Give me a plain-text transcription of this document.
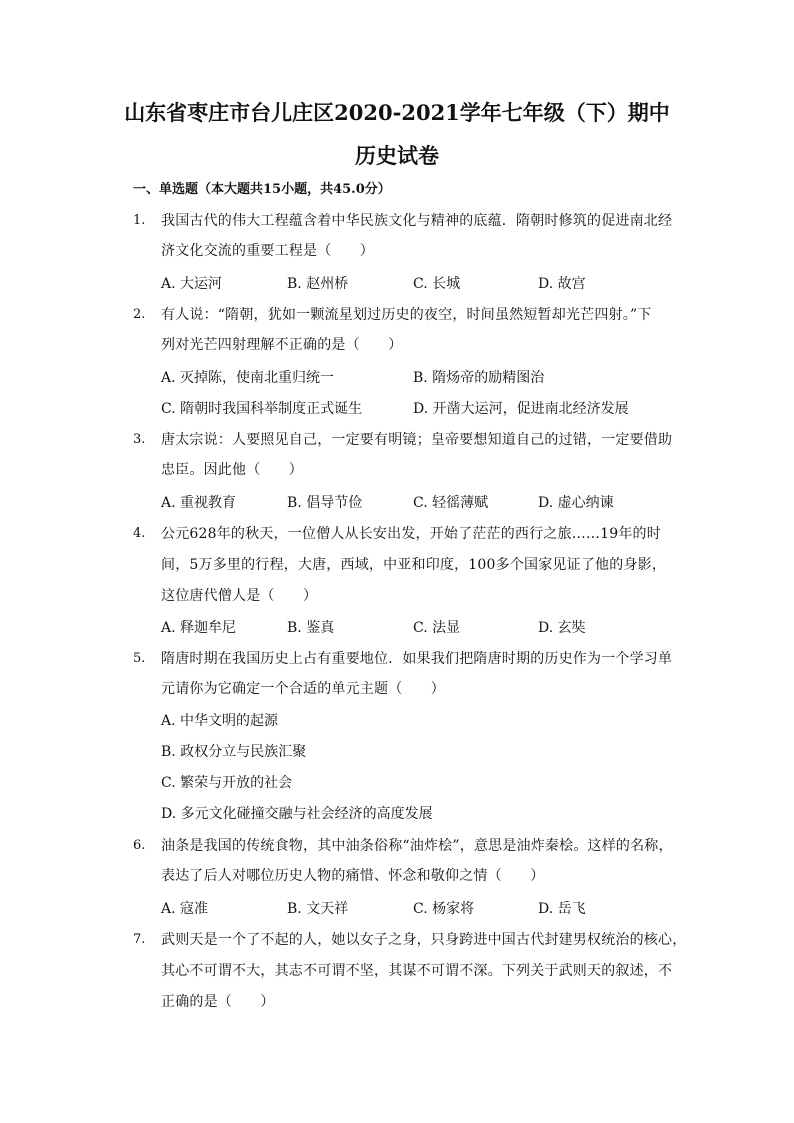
山东省枣庄市台儿庄区2020-2021学年七年级（下）期中
历史试卷
一、单选题（本大题共15小题，共45.0分）
1. 我国古代的伟大工程蕴含着中华民族文化与精神的底蕴．隋朝时修筑的促进南北经
济文化交流的重要工程是（　　）
A. 大运河	B. 赵州桥	C. 长城	D. 故宫
2. 有人说：“隋朝，犹如一颗流星划过历史的夜空，时间虽然短暂却光芒四射。”下
列对光芒四射理解不正确的是（　　）
A. 灭掉陈，使南北重归统一	B. 隋炀帝的励精图治
C. 隋朝时我国科举制度正式诞生	D. 开凿大运河，促进南北经济发展
3. 唐太宗说：人要照见自己，一定要有明镜；皇帝要想知道自己的过错，一定要借助
忠臣。因此他（　　）
A. 重视教育	B. 倡导节俭	C. 轻徭薄赋	D. 虚心纳谏
4. 公元628年的秋天，一位僧人从长安出发，开始了茫茫的西行之旅……19年的时
间，5万多里的行程，大唐，西域，中亚和印度，100多个国家见证了他的身影，
这位唐代僧人是（　　）
A. 释迦牟尼	B. 鉴真	C. 法显	D. 玄奘
5. 隋唐时期在我国历史上占有重要地位．如果我们把隋唐时期的历史作为一个学习单
元请你为它确定一个合适的单元主题（　　）
A. 中华文明的起源
B. 政权分立与民族汇聚
C. 繁荣与开放的社会
D. 多元文化碰撞交融与社会经济的高度发展
6. 油条是我国的传统食物，其中油条俗称“油炸桧”，意思是油炸秦桧。这样的名称，
表达了后人对哪位历史人物的痛惜、怀念和敬仰之情（　　）
A. 寇准	B. 文天祥	C. 杨家将	D. 岳飞
7. 武则天是一个了不起的人，她以女子之身，只身跨进中国古代封建男权统治的核心，
其心不可谓不大，其志不可谓不坚，其谋不可谓不深。下列关于武则天的叙述，不
正确的是（　　）
